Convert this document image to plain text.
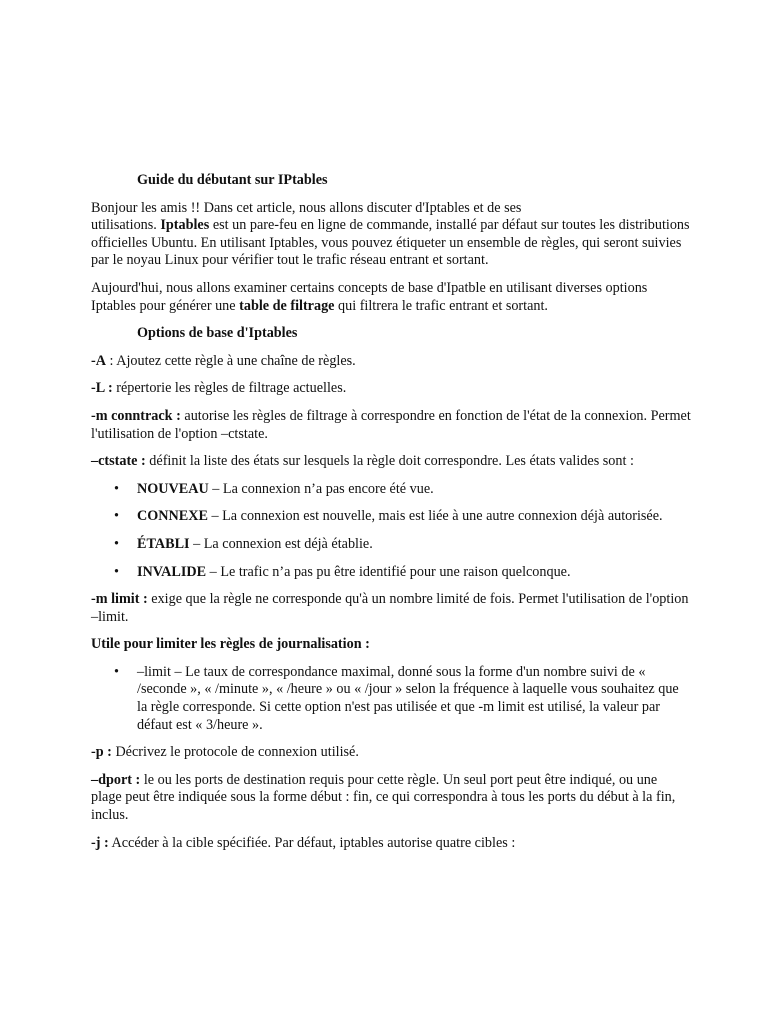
Guide du débutant sur IPtables

Bonjour les amis !! Dans cet article, nous allons discuter d'Iptables et de ses

utilisations. Iptables est un pare-feu en ligne de commande, installé par défaut sur toutes les distributions officielles Ubuntu. En utilisant Iptables, vous pouvez étiqueter un ensemble de règles, qui seront suivies par le noyau Linux pour vérifier tout le trafic réseau entrant et sortant.

Aujourd'hui, nous allons examiner certains concepts de base d'Ipatble en utilisant diverses options Iptables pour générer une table de filtrage qui filtrera le trafic entrant et sortant.

Options de base d'Iptables

-A : Ajoutez cette règle à une chaîne de règles.

-L : répertorie les règles de filtrage actuelles.

-m conntrack : autorise les règles de filtrage à correspondre en fonction de l'état de la connexion. Permet l'utilisation de l'option –ctstate.

–ctstate : définit la liste des états sur lesquels la règle doit correspondre. Les états valides sont :

• NOUVEAU – La connexion n’a pas encore été vue.
• CONNEXE – La connexion est nouvelle, mais est liée à une autre connexion déjà autorisée.
• ÉTABLI – La connexion est déjà établie.
• INVALIDE – Le trafic n’a pas pu être identifié pour une raison quelconque.

-m limit : exige que la règle ne corresponde qu'à un nombre limité de fois. Permet l'utilisation de l'option –limit.

Utile pour limiter les règles de journalisation :

• –limit – Le taux de correspondance maximal, donné sous la forme d'un nombre suivi de « /seconde », « /minute », « /heure » ou « /jour » selon la fréquence à laquelle vous souhaitez que la règle corresponde. Si cette option n'est pas utilisée et que -m limit est utilisé, la valeur par défaut est « 3/heure ».

-p : Décrivez le protocole de connexion utilisé.

–dport : le ou les ports de destination requis pour cette règle. Un seul port peut être indiqué, ou une plage peut être indiquée sous la forme début : fin, ce qui correspondra à tous les ports du début à la fin, inclus.

-j : Accéder à la cible spécifiée. Par défaut, iptables autorise quatre cibles :
